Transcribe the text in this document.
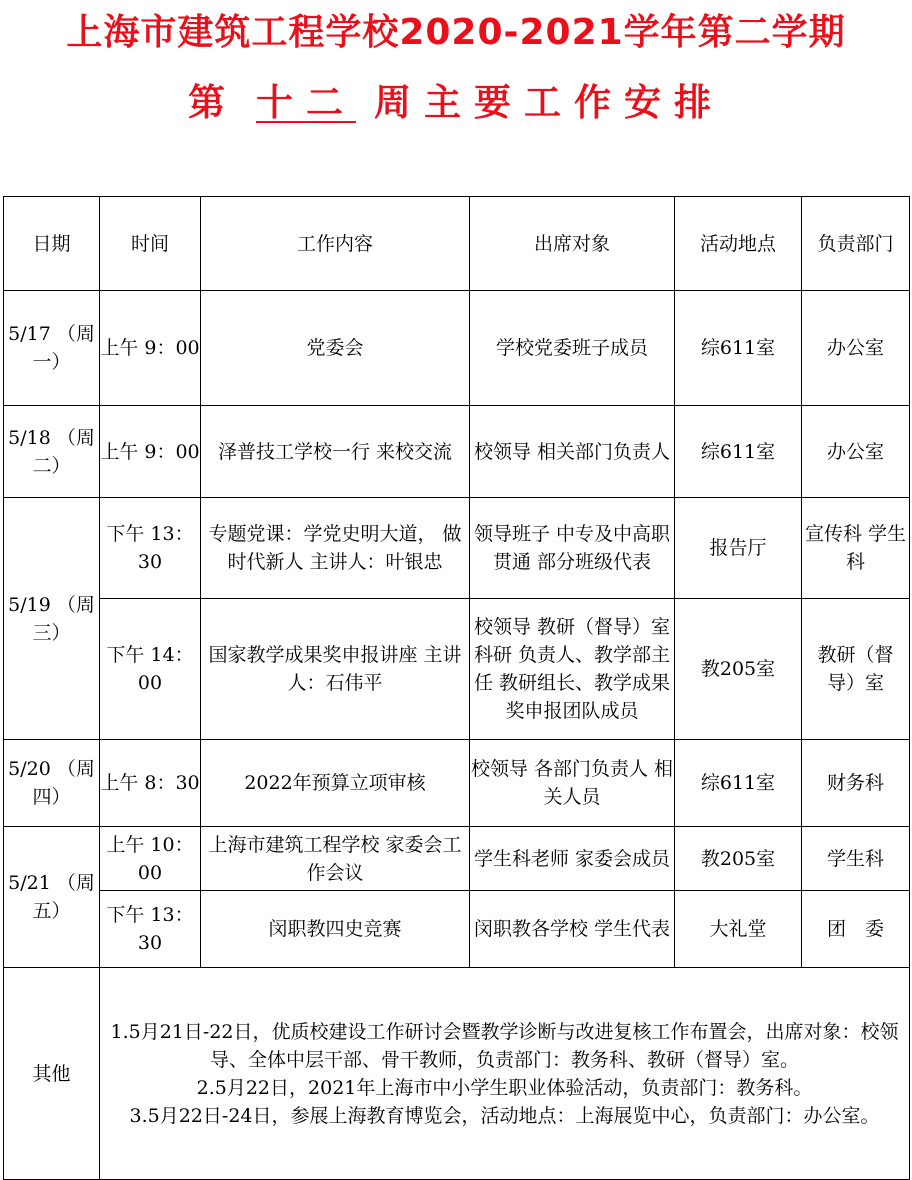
上海市建筑工程学校2020-2021学年第二学期
第 十二 周主要工作安排
日期	时间	工作内容	出席对象	活动地点	负责部门
5/17 （周一）	上午 9：00	党委会	学校党委班子成员	综611室	办公室
5/18 （周二）	上午 9：00	泽普技工学校一行 来校交流	校领导 相关部门负责人	综611室	办公室
5/19 （周三）	下午 13：30	专题党课：学党史明大道， 做时代新人 主讲人：叶银忠	领导班子 中专及中高职贯通 部分班级代表	报告厅	宣传科 学生科
	下午 14：00	国家教学成果奖申报讲座 主讲人：石伟平	校领导 教研（督导）室科研 负责人、教学部主任 教研组长、教学成果 奖申报团队成员	教205室	教研（督 导）室
5/20 （周四）	上午 8：30	2022年预算立项审核	校领导 各部门负责人 相关人员	综611室	财务科
5/21 （周五）	上午 10：00	上海市建筑工程学校 家委会工作会议	学生科老师 家委会成员	教205室	学生科
	下午 13：30	闵职教四史竞赛	闵职教各学校 学生代表	大礼堂	团　委
其他	1.5月21日-22日，优质校建设工作研讨会暨教学诊断与改进复核工作布置会，出席对象：校领导、全体中层干部、骨干教师，负责部门：教务科、教研（督导）室。
2.5月22日，2021年上海市中小学生职业体验活动，负责部门：教务科。
3.5月22日-24日，参展上海教育博览会，活动地点：上海展览中心，负责部门：办公室。				
